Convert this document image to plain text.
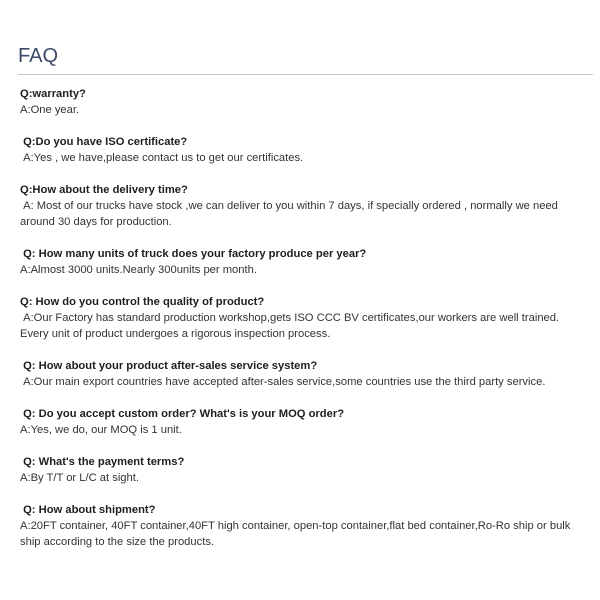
FAQ
Q:warranty?
A:One year.
Q:Do you have ISO certificate?
A:Yes , we have,please contact us to get our certificates.
Q:How about the delivery time?
A: Most of our trucks have stock ,we can deliver to you within 7 days, if specially ordered , normally we need around 30 days for production.
Q: How many units of truck does your factory produce per year?
A:Almost 3000 units.Nearly 300units per month.
Q: How do you control the quality of product?
A:Our Factory has standard production workshop,gets ISO CCC BV certificates,our workers are well trained. Every unit of product undergoes a rigorous inspection process.
Q: How about your product after-sales service system?
A:Our main export countries have accepted after-sales service,some countries use the third party service.
Q: Do you accept custom order? What's is your MOQ order?
A:Yes, we do, our MOQ is 1 unit.
Q: What's the payment terms?
A:By T/T or L/C at sight.
Q: How about shipment?
A:20FT container, 40FT container,40FT high container, open-top container,flat bed container,Ro-Ro ship or bulk ship according to the size the products.
